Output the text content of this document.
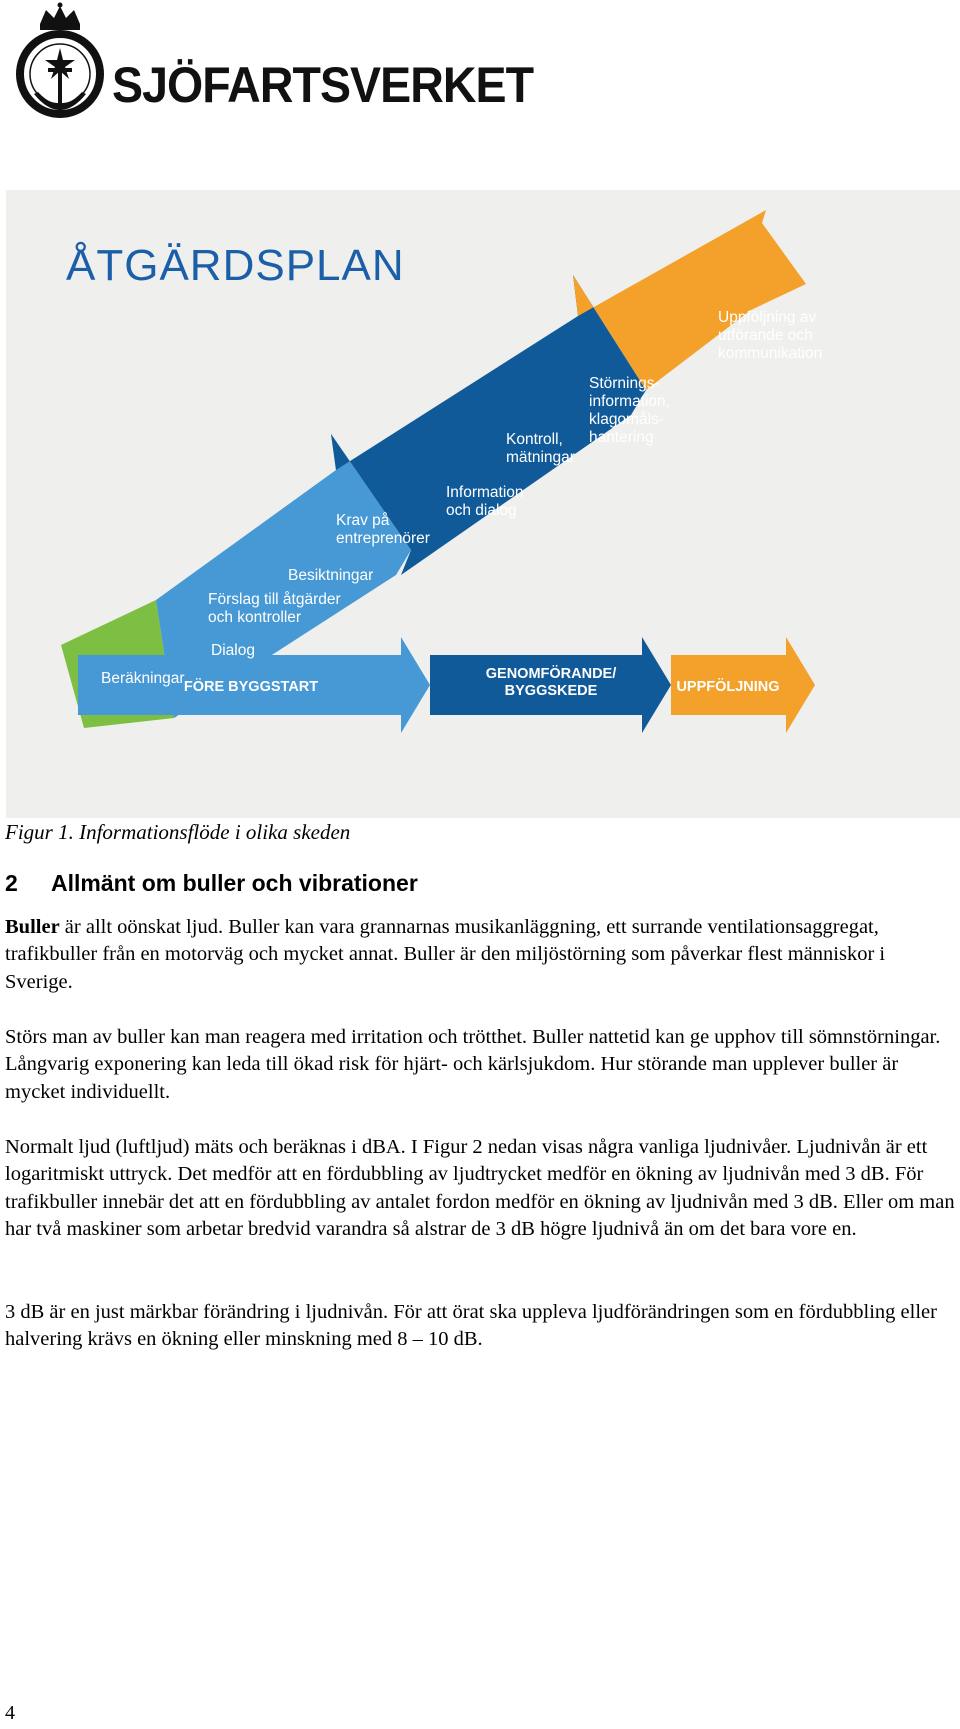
SJÖFARTSVERKET
ÅTGÄRDSPLAN
Beräkningar
Dialog
Förslag till åtgärder och kontroller
Besiktningar
Krav på entreprenörer
Information och dialog
Kontroll, mätningar
Störnings-information, klagomåls-hantering
Uppföljning av utförande och kommunikation
FÖRE BYGGSTART
GENOMFÖRANDE/ BYGGSKEDE	UPPFÖLJNING
Figur 1. Informationsflöde i olika skeden
2 Allmänt om buller och vibrationer

Buller är allt oönskat ljud. Buller kan vara grannarnas musikanläggning, ett surrande ventilationsaggregat, trafikbuller från en motorväg och mycket annat. Buller är den miljöstörning som påverkar flest människor i Sverige.

Störs man av buller kan man reagera med irritation och trötthet. Buller nattetid kan ge upphov till sömnstörningar. Långvarig exponering kan leda till ökad risk för hjärt- och kärlsjukdom. Hur störande man upplever buller är mycket individuellt.

Normalt ljud (luftljud) mäts och beräknas i dBA. I Figur 2 nedan visas några vanliga ljudnivåer. Ljudnivån är ett logaritmiskt uttryck. Det medför att en fördubbling av ljudtrycket medför en ökning av ljudnivån med 3 dB. För trafikbuller innebär det att en fördubbling av antalet fordon medför en ökning av ljudnivån med 3 dB. Eller om man har två maskiner som arbetar bredvid varandra så alstrar de 3 dB högre ljudnivå än om det bara vore en.

3 dB är en just märkbar förändring i ljudnivån. För att örat ska uppleva ljudförändringen som en fördubbling eller halvering krävs en ökning eller minskning med 8 – 10 dB.

4
